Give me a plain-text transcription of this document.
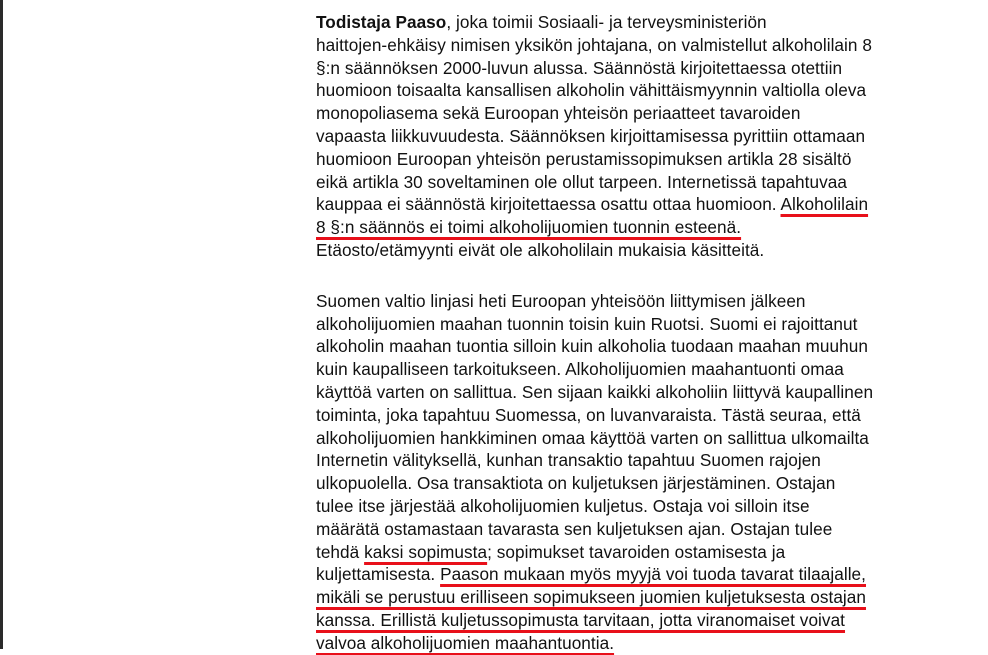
Todistaja Paaso, joka toimii Sosiaali- ja terveysministeriön
haittojen-ehkäisy nimisen yksikön johtajana, on valmistellut alkoholilain 8
§:n säännöksen 2000-luvun alussa. Säännöstä kirjoitettaessa otettiin
huomioon toisaalta kansallisen alkoholin vähittäismyynnin valtiolla oleva
monopoliasema sekä Euroopan yhteisön periaatteet tavaroiden
vapaasta liikkuvuudesta. Säännöksen kirjoittamisessa pyrittiin ottamaan
huomioon Euroopan yhteisön perustamissopimuksen artikla 28 sisältö
eikä artikla 30 soveltaminen ole ollut tarpeen. Internetissä tapahtuvaa
kauppaa ei säännöstä kirjoitettaessa osattu ottaa huomioon. Alkoholilain
8 §:n säännös ei toimi alkoholijuomien tuonnin esteenä.
Etäosto/etämyynti eivät ole alkoholilain mukaisia käsitteitä.
Suomen valtio linjasi heti Euroopan yhteisöön liittymisen jälkeen
alkoholijuomien maahan tuonnin toisin kuin Ruotsi. Suomi ei rajoittanut
alkoholin maahan tuontia silloin kuin alkoholia tuodaan maahan muuhun
kuin kaupalliseen tarkoitukseen. Alkoholijuomien maahantuonti omaa
käyttöä varten on sallittua. Sen sijaan kaikki alkoholiin liittyvä kaupallinen
toiminta, joka tapahtuu Suomessa, on luvanvaraista. Tästä seuraa, että
alkoholijuomien hankkiminen omaa käyttöä varten on sallittua ulkomailta
Internetin välityksellä, kunhan transaktio tapahtuu Suomen rajojen
ulkopuolella. Osa transaktiota on kuljetuksen järjestäminen. Ostajan
tulee itse järjestää alkoholijuomien kuljetus. Ostaja voi silloin itse
määrätä ostamastaan tavarasta sen kuljetuksen ajan. Ostajan tulee
tehdä kaksi sopimusta; sopimukset tavaroiden ostamisesta ja
kuljettamisesta. Paason mukaan myös myyjä voi tuoda tavarat tilaajalle,
mikäli se perustuu erilliseen sopimukseen juomien kuljetuksesta ostajan
kanssa. Erillistä kuljetussopimusta tarvitaan, jotta viranomaiset voivat
valvoa alkoholijuomien maahantuontia.
